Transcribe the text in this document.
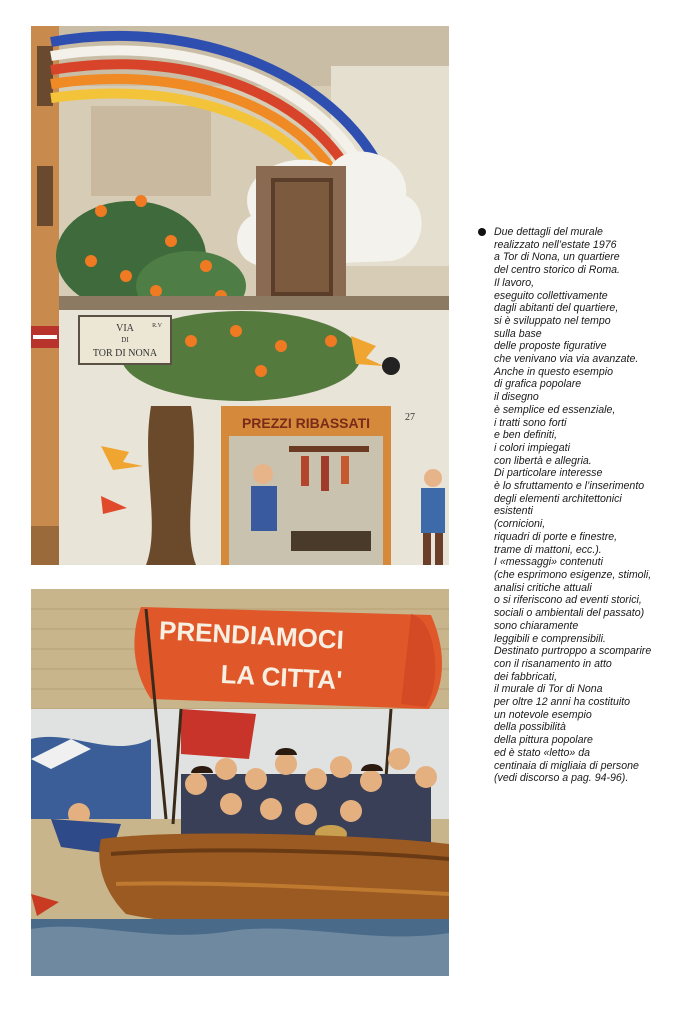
VIA	R.V
DI
TOR DI NONA
PREZZI RIBASSATI	27
PRENDIAMOCI
LA CITTA'
Due dettagli del murale
realizzato nell’estate 1976
a Tor di Nona, un quartiere
del centro storico di Roma.
Il lavoro,
eseguito collettivamente
dagli abitanti del quartiere,
si è sviluppato nel tempo
sulla base
delle proposte figurative
che venivano via via avanzate.
Anche in questo esempio
di grafica popolare
il disegno
è semplice ed essenziale,
i tratti sono forti
e ben definiti,
i colori impiegati
con libertà e allegria.
Di particolare interesse
è lo sfruttamento e l’inserimento
degli elementi architettonici
esistenti
(cornicioni,
riquadri di porte e finestre,
trame di mattoni, ecc.).
I «messaggi» contenuti
(che esprimono esigenze, stimoli,
analisi critiche attuali
o si riferiscono ad eventi storici,
sociali o ambientali del passato)
sono chiaramente
leggibili e comprensibili.
Destinato purtroppo a scomparire
con il risanamento in atto
dei fabbricati,
il murale di Tor di Nona
per oltre 12 anni ha costituito
un notevole esempio
della possibilità
della pittura popolare
ed è stato «letto» da
centinaia di migliaia di persone
(vedi discorso a pag. 94-96).
